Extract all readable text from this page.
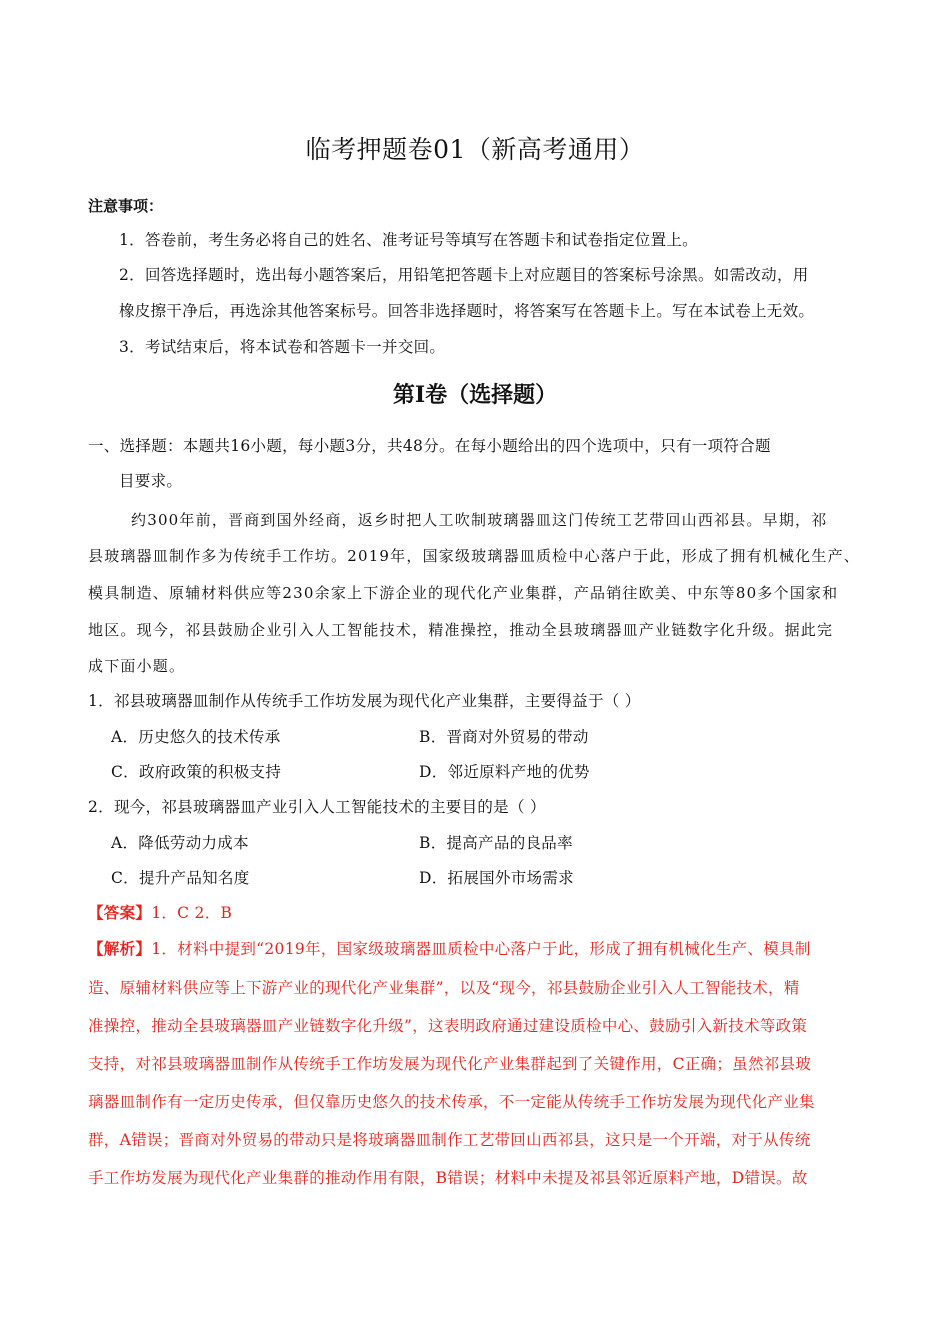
临考押题卷01（新高考通用）
注意事项：
1．答卷前，考生务必将自己的姓名、准考证号等填写在答题卡和试卷指定位置上。
2．回答选择题时，选出每小题答案后，用铅笔把答题卡上对应题目的答案标号涂黑。如需改动，用
橡皮擦干净后，再选涂其他答案标号。回答非选择题时，将答案写在答题卡上。写在本试卷上无效。
3．考试结束后，将本试卷和答题卡一并交回。
第Ⅰ卷（选择题）
一、选择题：本题共16小题，每小题3分，共48分。在每小题给出的四个选项中，只有一项符合题
目要求。
约300年前，晋商到国外经商，返乡时把人工吹制玻璃器皿这门传统工艺带回山西祁县。早期，祁
县玻璃器皿制作多为传统手工作坊。2019年，国家级玻璃器皿质检中心落户于此，形成了拥有机械化生产、
模具制造、原辅材料供应等230余家上下游企业的现代化产业集群，产品销往欧美、中东等80多个国家和
地区。现今，祁县鼓励企业引入人工智能技术，精准操控，推动全县玻璃器皿产业链数字化升级。据此完
成下面小题。
1．祁县玻璃器皿制作从传统手工作坊发展为现代化产业集群，主要得益于（ ）
A．历史悠久的技术传承	B．晋商对外贸易的带动
C．政府政策的积极支持	D．邻近原料产地的优势
2．现今，祁县玻璃器皿产业引入人工智能技术的主要目的是（ ）
A．降低劳动力成本	B．提高产品的良品率
C．提升产品知名度	D．拓展国外市场需求
【答案】1．C 2．B
【解析】1．材料中提到“2019年，国家级玻璃器皿质检中心落户于此，形成了拥有机械化生产、模具制
造、原辅材料供应等上下游产业的现代化产业集群”，以及“现今，祁县鼓励企业引入人工智能技术，精
准操控，推动全县玻璃器皿产业链数字化升级”，这表明政府通过建设质检中心、鼓励引入新技术等政策
支持，对祁县玻璃器皿制作从传统手工作坊发展为现代化产业集群起到了关键作用，C正确；虽然祁县玻
璃器皿制作有一定历史传承，但仅靠历史悠久的技术传承，不一定能从传统手工作坊发展为现代化产业集
群，A错误；晋商对外贸易的带动只是将玻璃器皿制作工艺带回山西祁县，这只是一个开端，对于从传统
手工作坊发展为现代化产业集群的推动作用有限，B错误；材料中未提及祁县邻近原料产地，D错误。故
